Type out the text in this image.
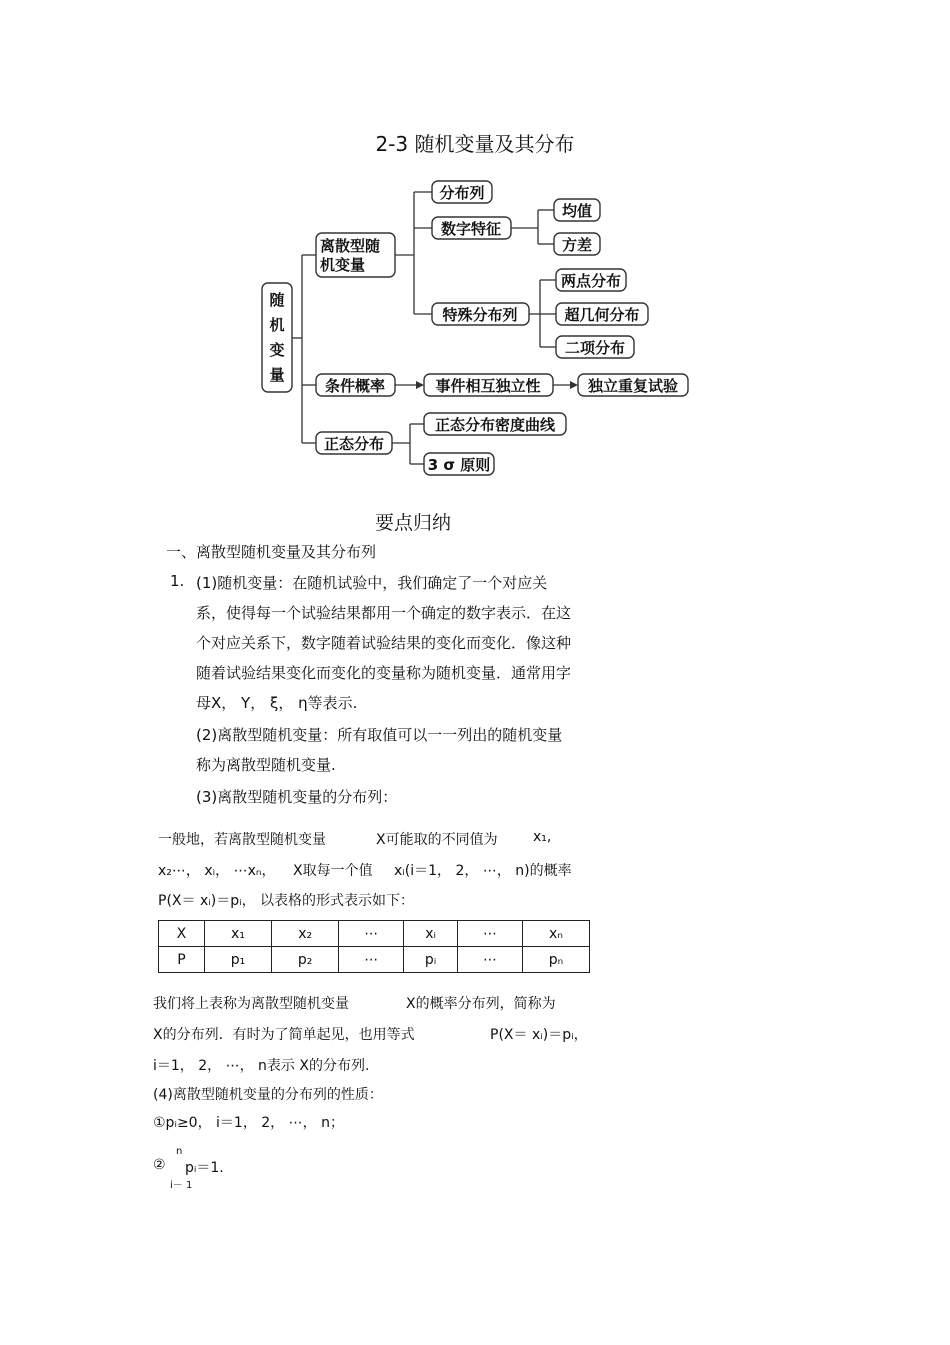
2-3 随机变量及其分布
随
机
变
量
离散型随
机变量
分布列
数字特征
均值
方差
特殊分布列
两点分布
超几何分布
二项分布
条件概率	事件相互独立性	独立重复试验
正态分布
正态分布密度曲线
3 σ 原则
要点归纳
一、离散型随机变量及其分布列
1. (1)随机变量：在随机试验中，我们确定了一个对应关
系，使得每一个试验结果都用一个确定的数字表示．在这
个对应关系下，数字随着试验结果的变化而变化．像这种
随着试验结果变化而变化的变量称为随机变量．通常用字
母X， Y， ξ， η等表示.
(2)离散型随机变量：所有取值可以一一列出的随机变量
称为离散型随机变量.
(3)离散型随机变量的分布列：
一般地，若离散型随机变量	X可能取的不同值为	x₁,
x₂⋯， xᵢ， ⋯xₙ， X取每一个值 xᵢ(i＝1， 2， ⋯， n)的概率
P(X＝ xᵢ)＝pᵢ， 以表格的形式表示如下：
X	x₁	x₂	⋯	xᵢ	⋯	xₙ
P	p₁	p₂	⋯	pᵢ	⋯	pₙ
我们将上表称为离散型随机变量	X的概率分布列，简称为
X的分布列．有时为了简单起见，也用等式	P(X＝ xᵢ)＝pᵢ，
i＝1， 2， ⋯， n表示 X的分布列.
(4)离散型随机变量的分布列的性质：
①pᵢ≥0， i＝1， 2， ⋯， n；
②
n
i－ 1
pᵢ＝1.
